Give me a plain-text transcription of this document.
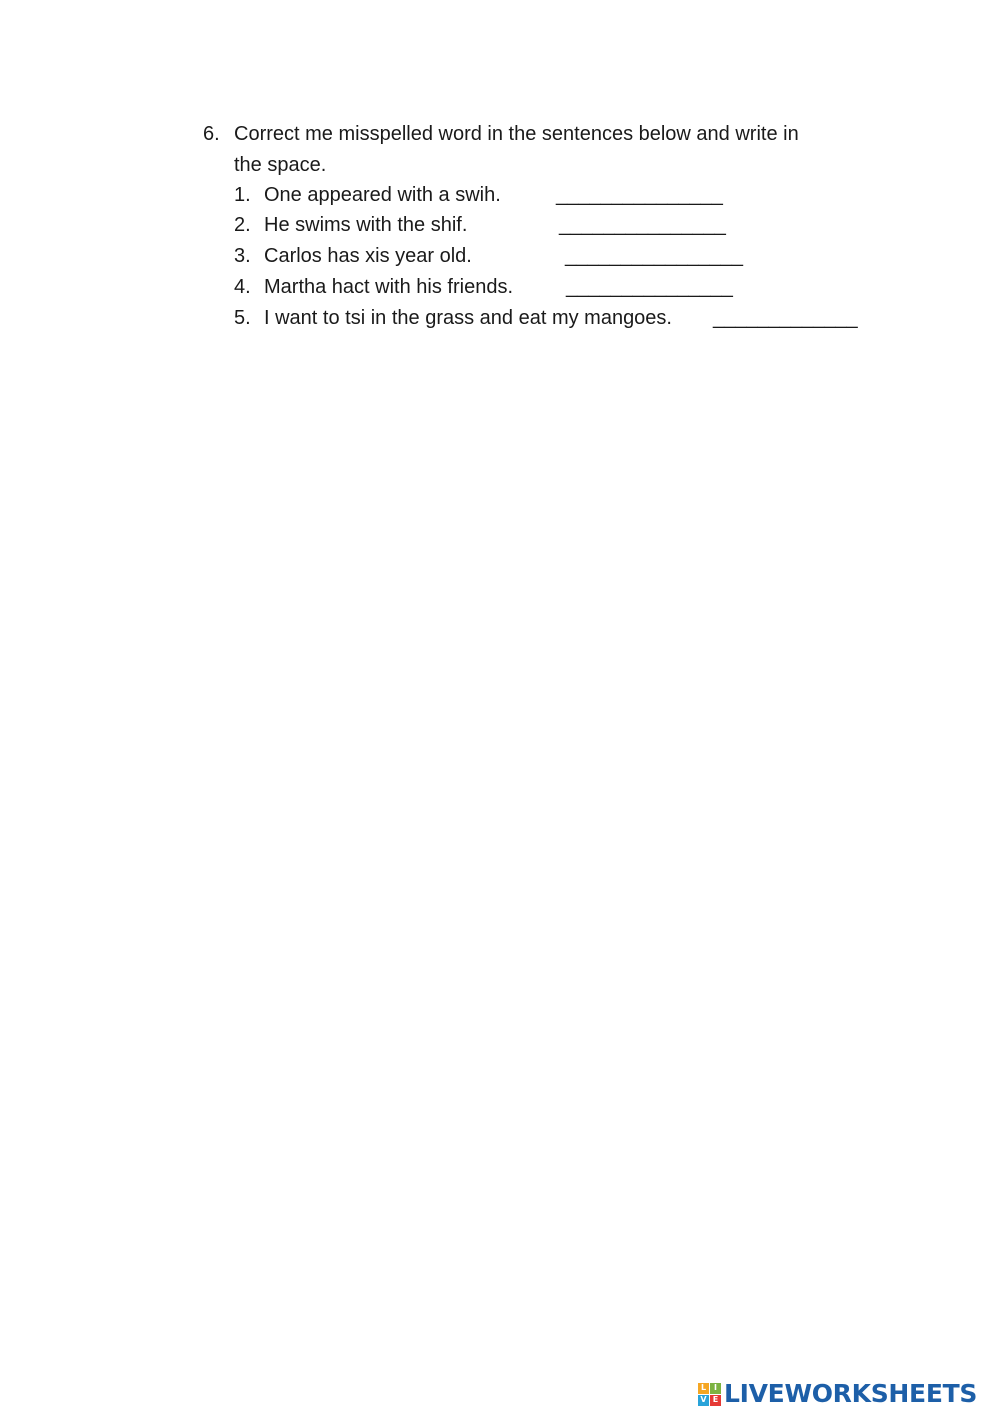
6. Correct me misspelled word in the sentences below and write in
the space.
1. One appeared with a swih.	_______________
2. He swims with the shif.	_______________
3. Carlos has xis year old.	________________
4. Martha hact with his friends.	_______________
5. I want to tsi in the grass and eat my mangoes.	_____________
L I
V E LIVEWORKSHEETS
